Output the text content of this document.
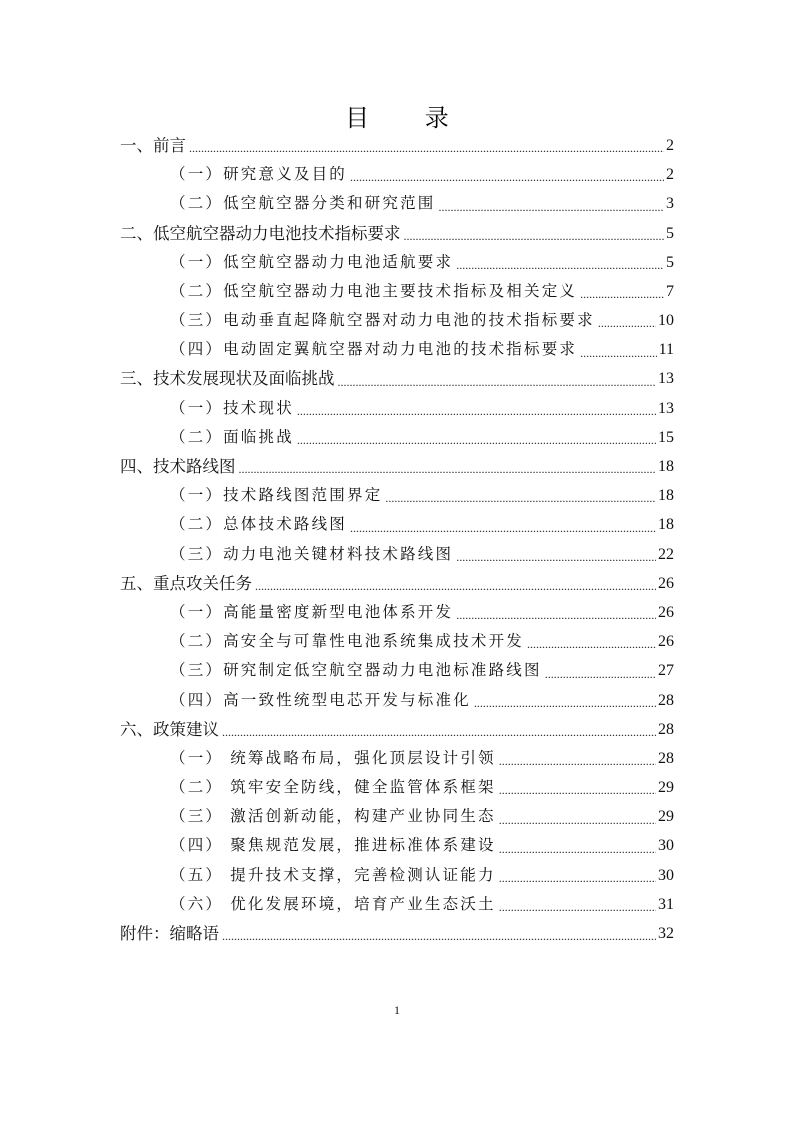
目 录
一、前言 .....	2
（一）研究意义及目的 .....	2
（二）低空航空器分类和研究范围 .....	3
二、低空航空器动力电池技术指标要求 .....	5
（一）低空航空器动力电池适航要求 .....	5
（二）低空航空器动力电池主要技术指标及相关定义 .....	7
（三）电动垂直起降航空器对动力电池的技术指标要求 .....	10
（四）电动固定翼航空器对动力电池的技术指标要求 .....	11
三、技术发展现状及面临挑战 .....	13
（一）技术现状 .....	13
（二）面临挑战 .....	15
四、技术路线图 .....	18
（一）技术路线图范围界定 .....	18
（二）总体技术路线图 .....	18
（三）动力电池关键材料技术路线图 .....	22
五、重点攻关任务 .....	26
（一）高能量密度新型电池体系开发 .....	26
（二）高安全与可靠性电池系统集成技术开发 .....	26
（三）研究制定低空航空器动力电池标准路线图 .....	27
（四）高一致性统型电芯开发与标准化 .....	28
六、政策建议 .....	28
（一） 统筹战略布局，强化顶层设计引领 .....	28
（二） 筑牢安全防线，健全监管体系框架 .....	29
（三） 激活创新动能，构建产业协同生态 .....	29
（四） 聚焦规范发展，推进标准体系建设 .....	30
（五） 提升技术支撑，完善检测认证能力 .....	30
（六） 优化发展环境，培育产业生态沃土 .....	31
附件：缩略语 .....	32
1
